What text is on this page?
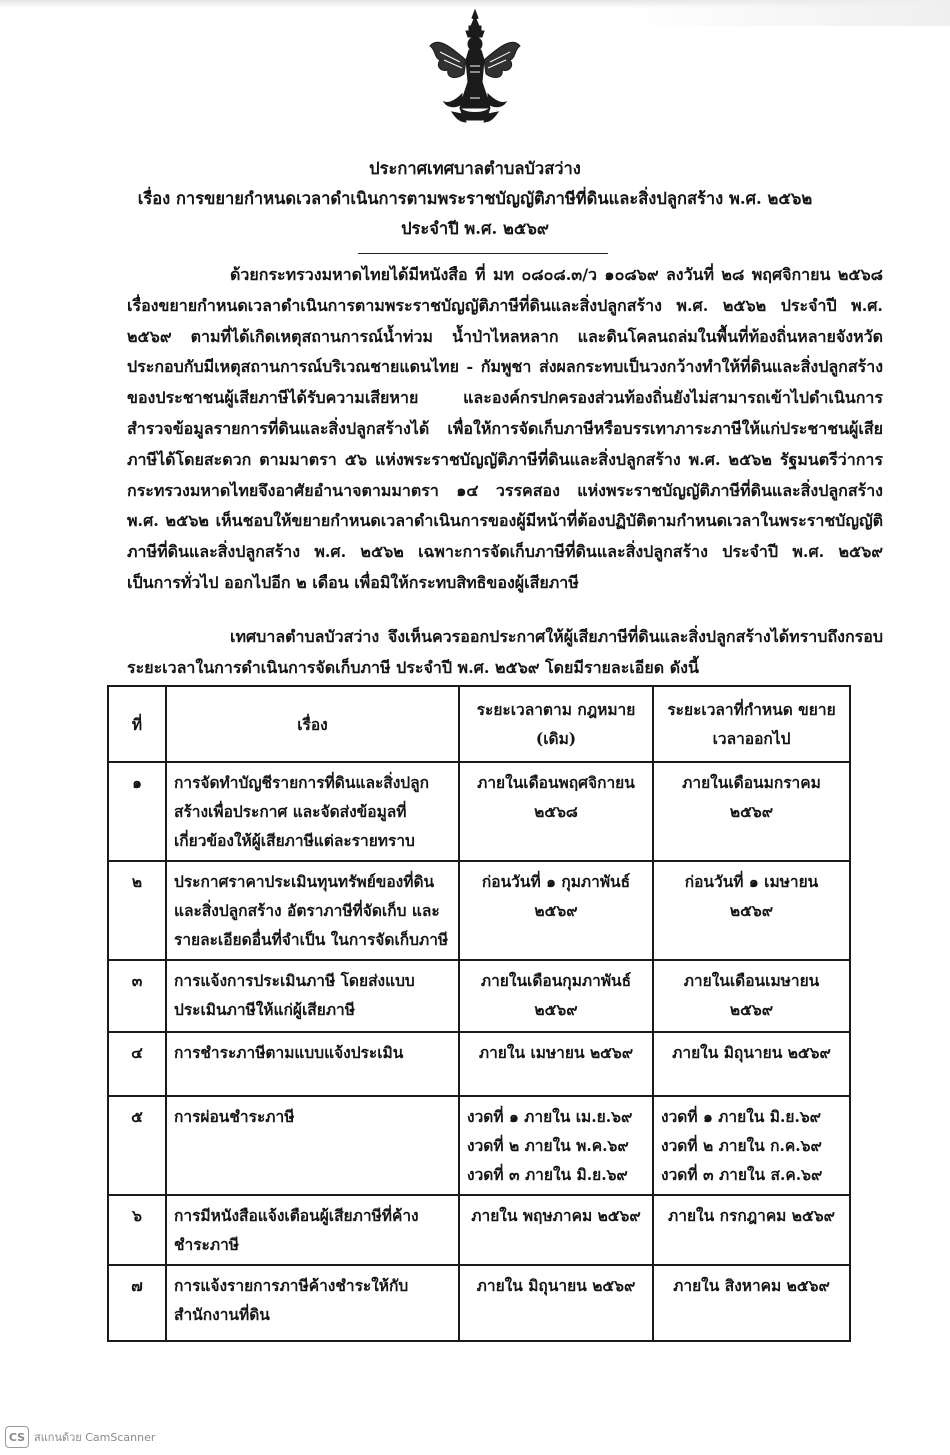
ประกาศเทศบาลตำบลบัวสว่าง
เรื่อง การขยายกำหนดเวลาดำเนินการตามพระราชบัญญัติภาษีที่ดินและสิ่งปลูกสร้าง พ.ศ. ๒๕๖๒
ประจำปี พ.ศ. ๒๕๖๙

ด้วยกระทรวงมหาดไทยได้มีหนังสือ ที่ มท ๐๘๐๘.๓/ว ๑๐๘๖๙ ลงวันที่ ๒๘ พฤศจิกายน ๒๕๖๘ เรื่องขยายกำหนดเวลาดำเนินการตามพระราชบัญญัติภาษีที่ดินและสิ่งปลูกสร้าง พ.ศ. ๒๕๖๒ ประจำปี พ.ศ. ๒๕๖๙ ตามที่ได้เกิดเหตุสถานการณ์น้ำท่วม น้ำป่าไหลหลาก และดินโคลนถล่มในพื้นที่ท้องถิ่นหลายจังหวัด ประกอบกับมีเหตุสถานการณ์บริเวณชายแดนไทย - กัมพูชา ส่งผลกระทบเป็นวงกว้างทำให้ที่ดินและสิ่งปลูกสร้างของประชาชนผู้เสียภาษีได้รับความเสียหาย และองค์กรปกครองส่วนท้องถิ่นยังไม่สามารถเข้าไปดำเนินการสำรวจข้อมูลรายการที่ดินและสิ่งปลูกสร้างได้ เพื่อให้การจัดเก็บภาษีหรือบรรเทาภาระภาษีให้แก่ประชาชนผู้เสียภาษีได้โดยสะดวก ตามมาตรา ๕๖ แห่งพระราชบัญญัติภาษีที่ดินและสิ่งปลูกสร้าง พ.ศ. ๒๕๖๒ รัฐมนตรีว่าการกระทรวงมหาดไทยจึงอาศัยอำนาจตามมาตรา ๑๔ วรรคสอง แห่งพระราชบัญญัติภาษีที่ดินและสิ่งปลูกสร้าง พ.ศ. ๒๕๖๒ เห็นชอบให้ขยายกำหนดเวลาดำเนินการของผู้มีหน้าที่ต้องปฏิบัติตามกำหนดเวลาในพระราชบัญญัติภาษีที่ดินและสิ่งปลูกสร้าง พ.ศ. ๒๕๖๒ เฉพาะการจัดเก็บภาษีที่ดินและสิ่งปลูกสร้าง ประจำปี พ.ศ. ๒๕๖๙ เป็นการทั่วไป ออกไปอีก ๒ เดือน เพื่อมิให้กระทบสิทธิของผู้เสียภาษี

เทศบาลตำบลบัวสว่าง จึงเห็นควรออกประกาศให้ผู้เสียภาษีที่ดินและสิ่งปลูกสร้างได้ทราบถึงกรอบระยะเวลาในการดำเนินการจัดเก็บภาษี ประจำปี พ.ศ. ๒๕๖๙ โดยมีรายละเอียด ดังนี้

ที่	เรื่อง	ระยะเวลาตาม กฎหมาย (เดิม)	ระยะเวลาที่กำหนด ขยายเวลาออกไป
๑	การจัดทำบัญชีรายการที่ดินและสิ่งปลูกสร้างเพื่อประกาศ และจัดส่งข้อมูลที่เกี่ยวข้องให้ผู้เสียภาษีแต่ละรายทราบ	ภายในเดือนพฤศจิกายน ๒๕๖๘	ภายในเดือนมกราคม ๒๕๖๙
๒	ประกาศราคาประเมินทุนทรัพย์ของที่ดินและสิ่งปลูกสร้าง อัตราภาษีที่จัดเก็บ และรายละเอียดอื่นที่จำเป็น ในการจัดเก็บภาษี	ก่อนวันที่ ๑ กุมภาพันธ์ ๒๕๖๙	ก่อนวันที่ ๑ เมษายน ๒๕๖๙
๓	การแจ้งการประเมินภาษี โดยส่งแบบประเมินภาษีให้แก่ผู้เสียภาษี	ภายในเดือนกุมภาพันธ์ ๒๕๖๙	ภายในเดือนเมษายน ๒๕๖๙
๔	การชำระภาษีตามแบบแจ้งประเมิน	ภายใน เมษายน ๒๕๖๙	ภายใน มิถุนายน ๒๕๖๙
๕	การผ่อนชำระภาษี	งวดที่ ๑ ภายใน เม.ย.๖๙ งวดที่ ๒ ภายใน พ.ค.๖๙ งวดที่ ๓ ภายใน มิ.ย.๖๙	งวดที่ ๑ ภายใน มิ.ย.๖๙ งวดที่ ๒ ภายใน ก.ค.๖๙ งวดที่ ๓ ภายใน ส.ค.๖๙
๖	การมีหนังสือแจ้งเตือนผู้เสียภาษีที่ค้างชำระภาษี	ภายใน พฤษภาคม ๒๕๖๙	ภายใน กรกฎาคม ๒๕๖๙
๗	การแจ้งรายการภาษีค้างชำระให้กับสำนักงานที่ดิน	ภายใน มิถุนายน ๒๕๖๙	ภายใน สิงหาคม ๒๕๖๙
CS สแกนด้วย CamScanner
